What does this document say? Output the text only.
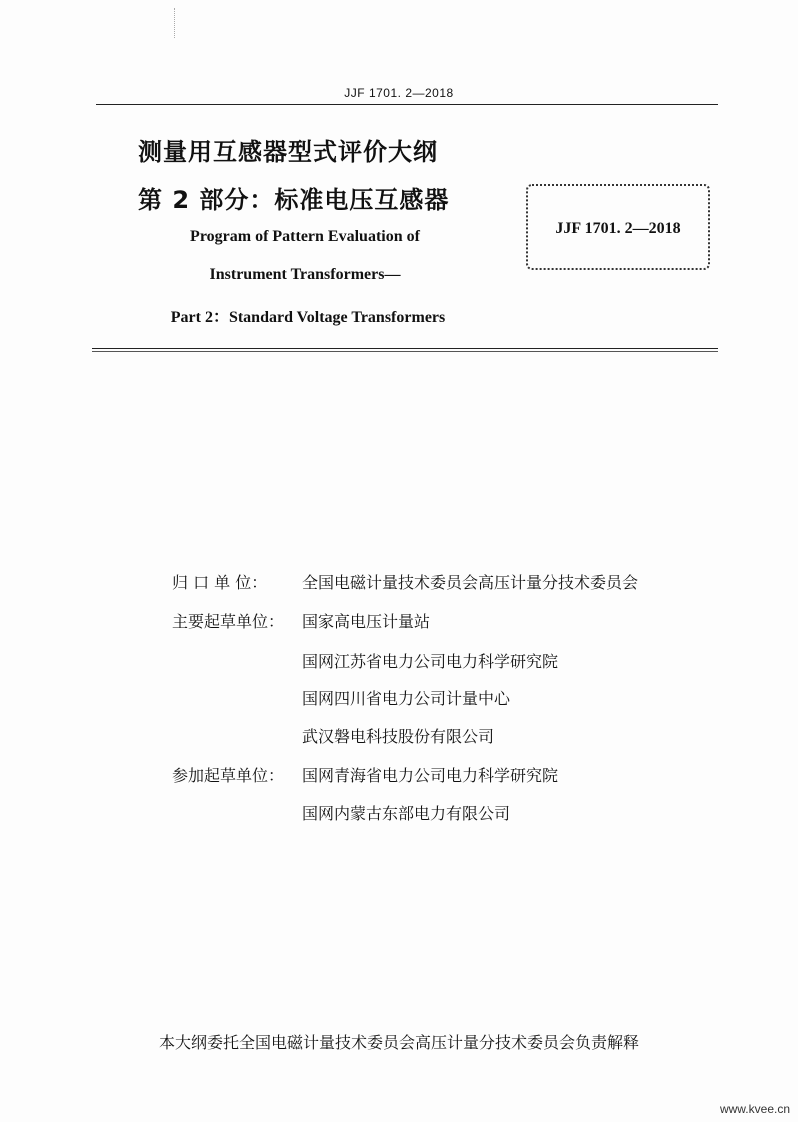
JJF 1701. 2—2018
测量用互感器型式评价大纲
第 2 部分：标准电压互感器
Program of Pattern Evaluation of
Instrument Transformers—
Part 2：Standard Voltage Transformers
JJF 1701. 2—2018
归 口 单 位： 全国电磁计量技术委员会高压计量分技术委员会
主要起草单位： 国家高电压计量站
国网江苏省电力公司电力科学研究院
国网四川省电力公司计量中心
武汉磐电科技股份有限公司
参加起草单位： 国网青海省电力公司电力科学研究院
国网内蒙古东部电力有限公司
本大纲委托全国电磁计量技术委员会高压计量分技术委员会负责解释
www.kvee.cn
